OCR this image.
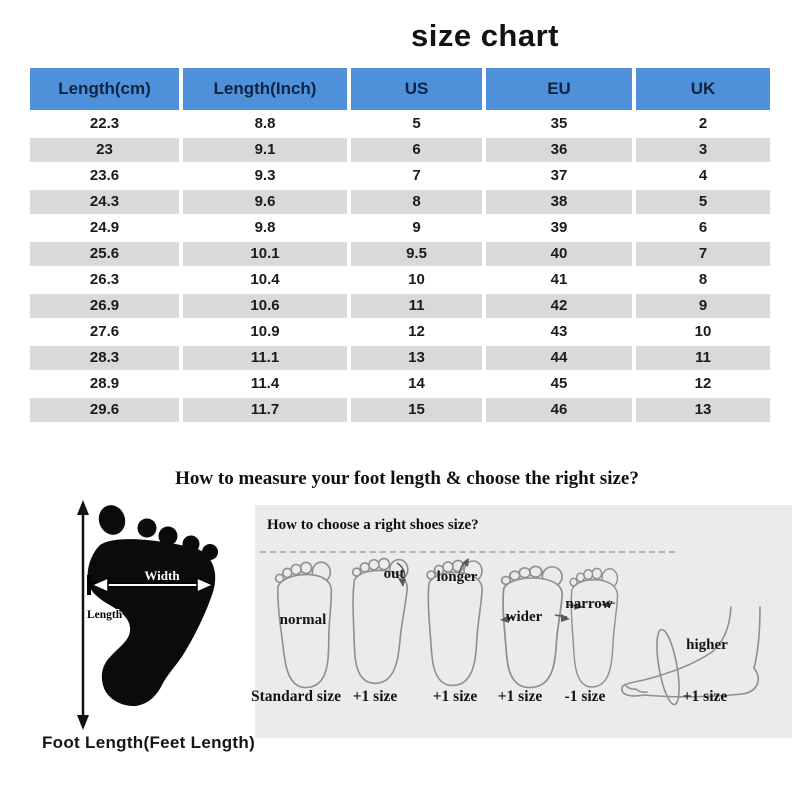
size chart
Length(cm)	Length(Inch)	US	EU	UK
22.3	8.8	5	35	2
23	9.1	6	36	3
23.6	9.3	7	37	4
24.3	9.6	8	38	5
24.9	9.8	9	39	6
25.6	10.1	9.5	40	7
26.3	10.4	10	41	8
26.9	10.6	11	42	9
27.6	10.9	12	43	10
28.3	11.1	13	44	11
28.9	11.4	14	45	12
29.6	11.7	15	46	13
How to measure your foot length & choose the right size?
Width
Length
Foot Length(Feet Length)
How to choose a right shoes size?
normal
out	longer
wider
narrow
higher
Standard size +1 size	+1 size	+1 size	-1 size	+1 size
